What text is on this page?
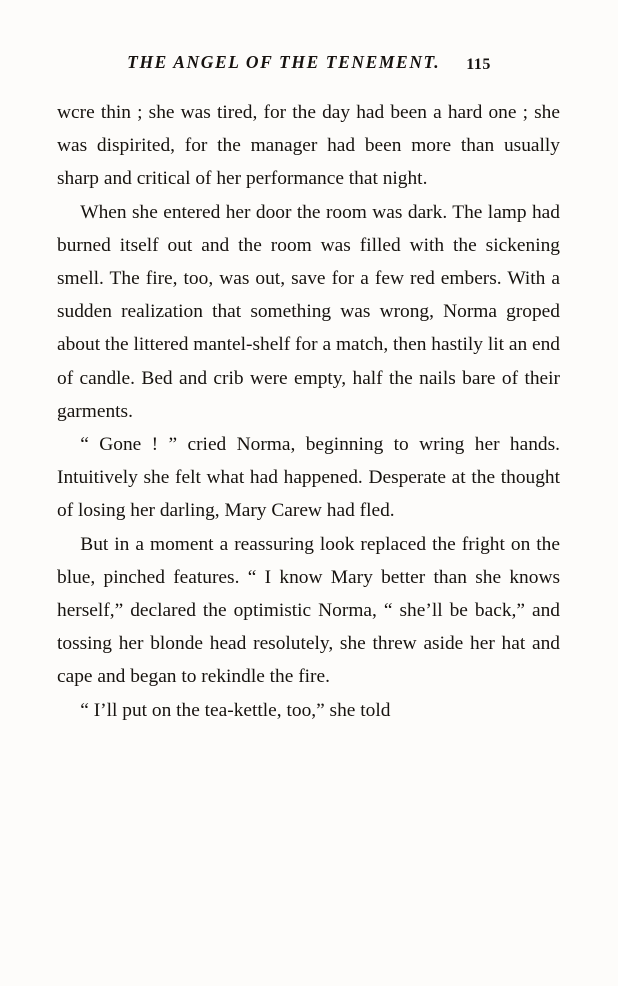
THE ANGEL OF THE TENEMENT. 115

wcre thin ; she was tired, for the day had been a hard one ; she was dispirited, for the manager had been more than usually sharp and critical of her performance that night.

When she entered her door the room was dark. The lamp had burned itself out and the room was filled with the sickening smell. The fire, too, was out, save for a few red embers. With a sudden realization that something was wrong, Norma groped about the littered mantel-shelf for a match, then hastily lit an end of candle. Bed and crib were empty, half the nails bare of their garments.

“ Gone ! ” cried Norma, beginning to wring her hands. Intuitively she felt what had happened. Desperate at the thought of losing her darling, Mary Carew had fled.

But in a moment a reassuring look replaced the fright on the blue, pinched features. “ I know Mary better than she knows herself,” declared the optimistic Norma, “ she’ll be back,” and tossing her blonde head resolutely, she threw aside her hat and cape and began to rekindle the fire.

“ I’ll put on the tea-kettle, too,” she told
